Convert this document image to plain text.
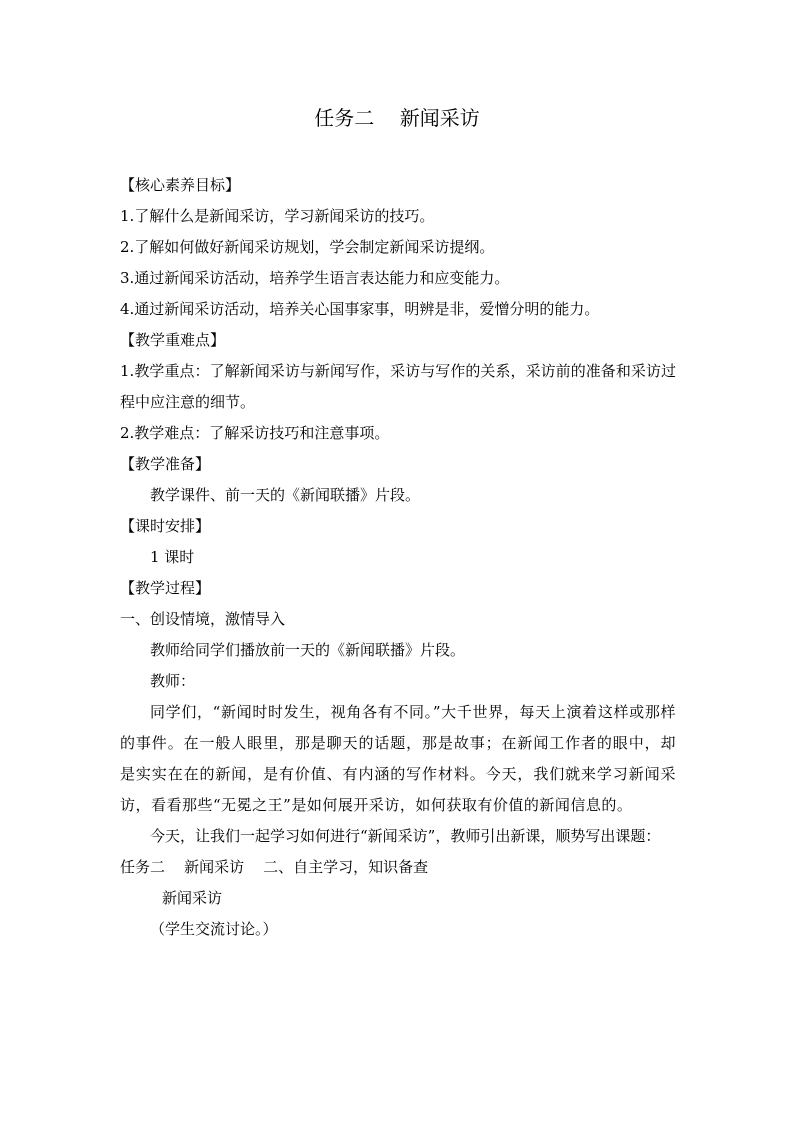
任务二    新闻采访

【核心素养目标】

1.了解什么是新闻采访，学习新闻采访的技巧。

2.了解如何做好新闻采访规划，学会制定新闻采访提纲。

3.通过新闻采访活动，培养学生语言表达能力和应变能力。

4.通过新闻采访活动，培养关心国事家事，明辨是非，爱憎分明的能力。

【教学重难点】

1.教学重点：了解新闻采访与新闻写作，采访与写作的关系，采访前的准备和采访过程中应注意的细节。

2.教学难点：了解采访技巧和注意事项。

【教学准备】

教学课件、前一天的《新闻联播》片段。

【课时安排】

1 课时

【教学过程】

一、创设情境，激情导入

教师给同学们播放前一天的《新闻联播》片段。

教师：

同学们，“新闻时时发生，视角各有不同。”大千世界，每天上演着这样或那样的事件。在一般人眼里，那是聊天的话题，那是故事；在新闻工作者的眼中，却是实实在在的新闻，是有价值、有内涵的写作材料。今天，我们就来学习新闻采访，看看那些“无冕之王”是如何展开采访，如何获取有价值的新闻信息的。

今天，让我们一起学习如何进行“新闻采访”，教师引出新课，顺势写出课题：

任务二    新闻采访    二、自主学习，知识备查

新闻采访

（学生交流讨论。）
